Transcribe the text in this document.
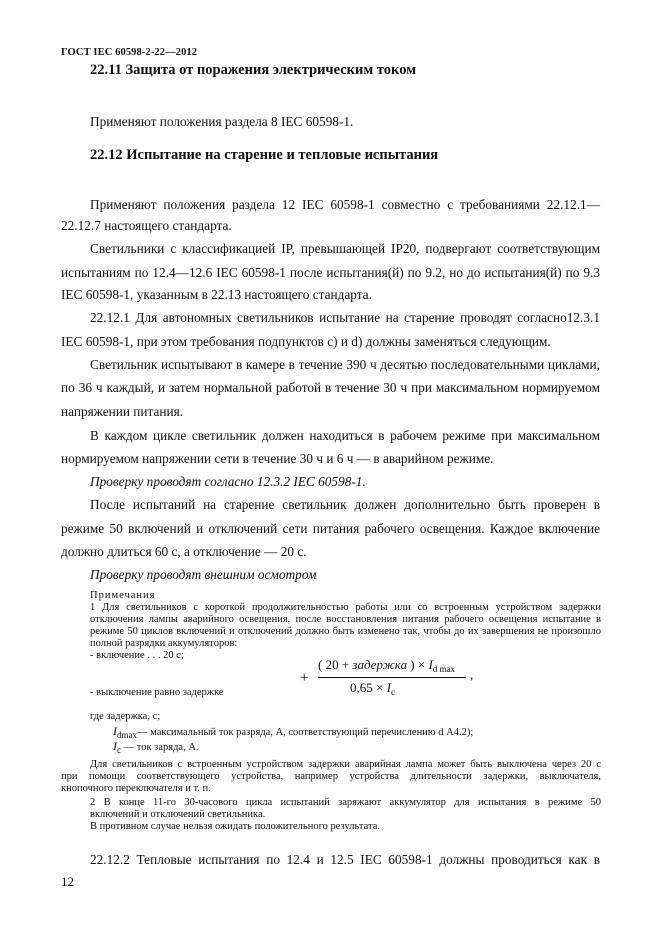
ГОСТ IEC 60598-2-22—2012
22.11 Защита от поражения электрическим током
Применяют положения раздела 8 IEC 60598-1.
22.12 Испытание на старение и тепловые испытания
Применяют положения раздела 12 IEC 60598-1 совместно с требованиями 22.12.1—
22.12.7 настоящего стандарта.
Светильники с классификацией IP, превышающей IP20, подвергают соответствующим
испытаниям по 12.4—12.6 IEC 60598-1 после испытания(й) по 9.2, но до испытания(й) по 9.3
IEC 60598-1, указанным в 22.13 настоящего стандарта.
22.12.1 Для автономных светильников испытание на старение проводят согласно12.3.1
IEC 60598-1, при этом требования подпунктов с) и d) должны заменяться следующим.
Светильник испытывают в камере в течение 390 ч десятью последовательными циклами,
по 36 ч каждый, и затем нормальной работой в течение 30 ч при максимальном нормируемом
напряжении питания.
В каждом цикле светильник должен находиться в рабочем режиме при максимальном
нормируемом напряжении сети в течение 30 ч и 6 ч — в аварийном режиме.
Проверку проводят согласно 12.3.2 IEC 60598-1.
После испытаний на старение светильник должен дополнительно быть проверен в
режиме 50 включений и отключений сети питания рабочего освещения. Каждое включение
должно длиться 60 с, а отключение — 20 с.
Проверку проводят внешним осмотром
Примечания
1 Для светильников с короткой продолжительностью работы или со встроенным устройством задержки
отключения лампы аварийного освещения, после восстановления питания рабочего освещения испытание в
режиме 50 циклов включений и отключений должно быть изменено так, чтобы до их завершения не произошло
полной разрядки аккумуляторов:
- включение . . . 20 с;
- выключение равно задержке
+
( 20 + задержка ) × $I_{d max}$
$0,65 \times I_c$
,
где задержка, с;
$I_{dmax}—$ максимальный ток разряда, А, соответствующий перечислению d А4.2);
$I_c$ — ток заряда, А.
Для светильников с встроенным устройством задержки аварийная лампа может быть выключена через 20 с
при помощи соответствующего устройства, например устройства длительности задержки, выключателя,
кнопочного переключателя и т. п.
2 В конце 11-го 30-часового цикла испытаний заряжают аккумулятор для испытания в режиме 50
включений и отключений светильника.
В противном случае нельзя ожидать положительного результата.
22.12.2 Тепловые испытания по 12.4 и 12.5 IEC 60598-1 должны проводиться как в
12
